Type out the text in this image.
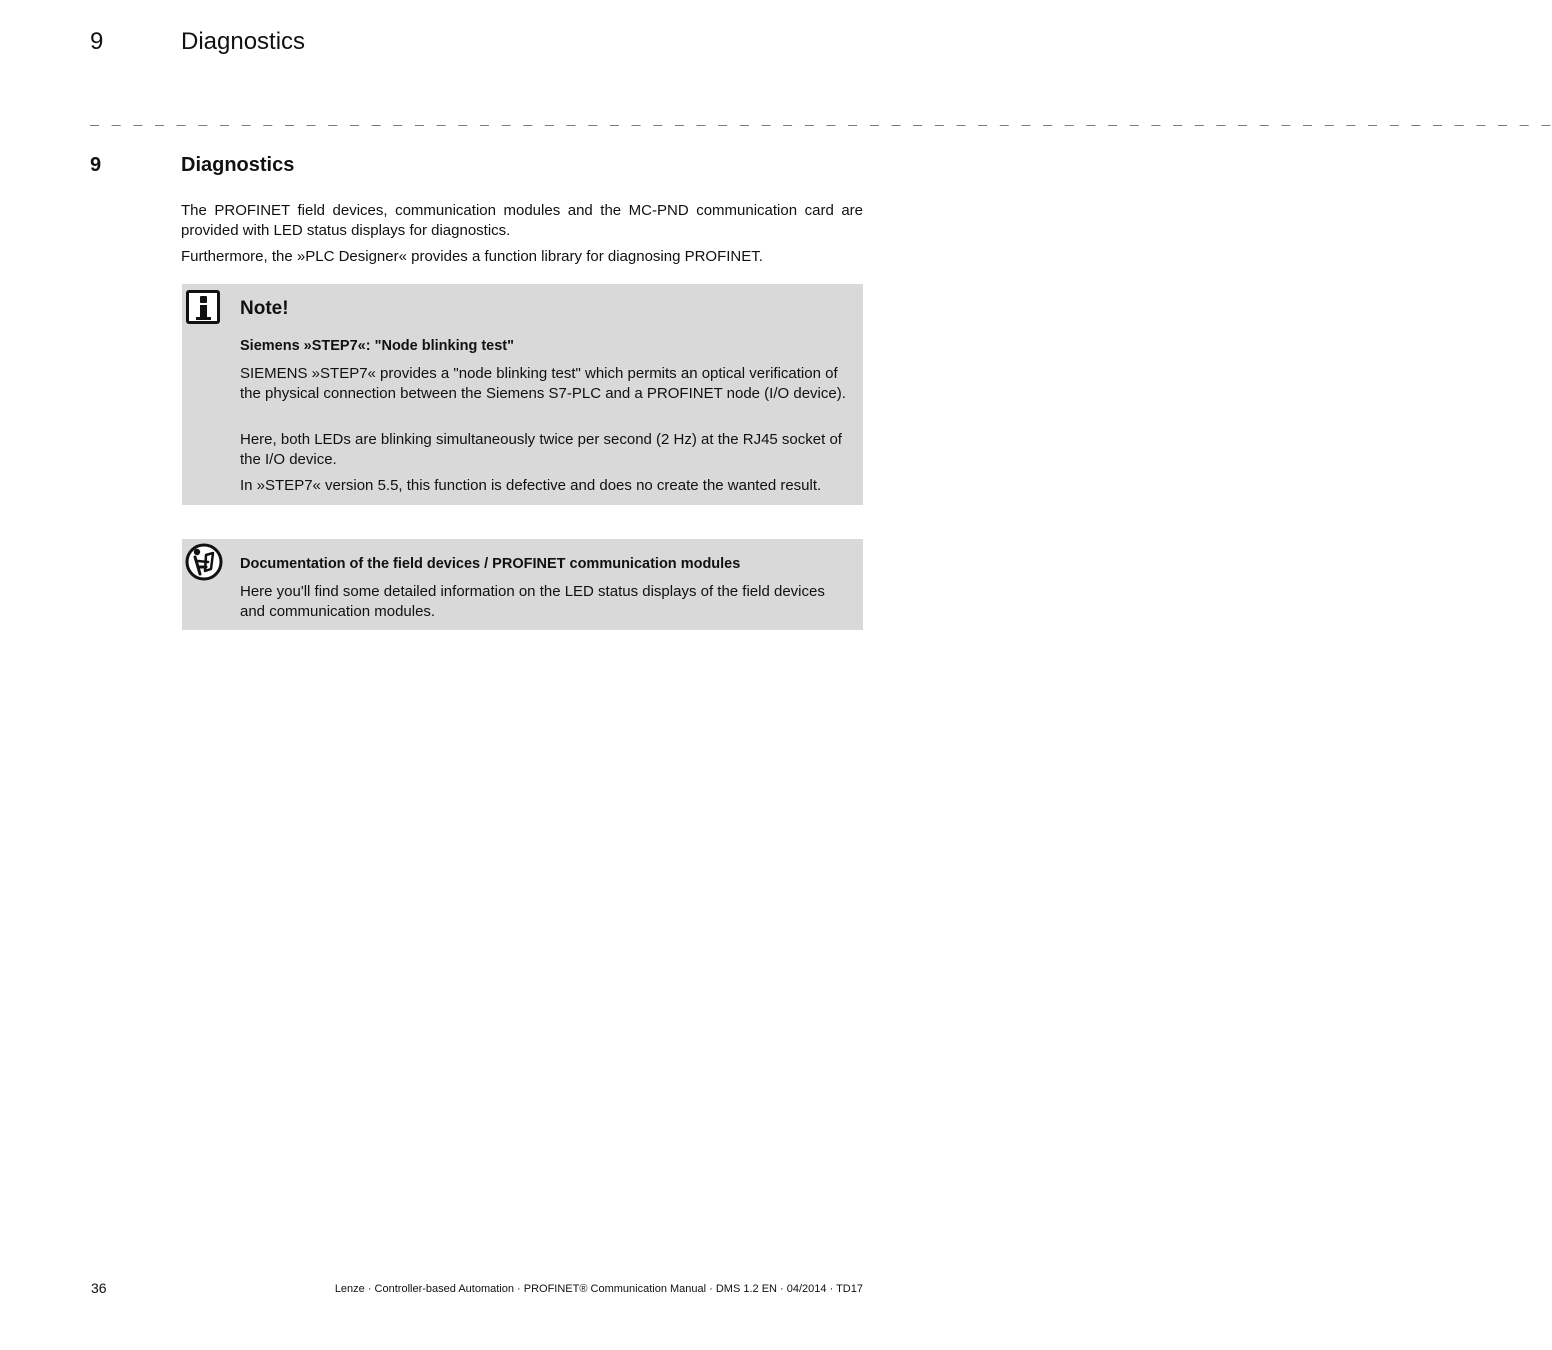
9	Diagnostics
_ _ _ _ _ _ _ _ _ _ _ _ _ _ _ _ _ _ _ _ _ _ _ _ _ _ _ _ _ _ _ _ _ _ _ _ _ _ _ _ _ _ _ _ _ _ _ _ _ _ _ _ _ _ _ _ _ _ _ _ _ _ _ _ _ _ _ _
9	Diagnostics

The PROFINET field devices, communication modules and the MC-PND communication card are provided with LED status displays for diagnostics.

Furthermore, the »PLC Designer« provides a function library for diagnosing PROFINET.

Note!
Siemens »STEP7«: "Node blinking test"

SIEMENS »STEP7« provides a "node blinking test" which permits an optical verification of the physical connection between the Siemens S7-PLC and a PROFINET node (I/O device).

Here, both LEDs are blinking simultaneously twice per second (2 Hz) at the RJ45 socket of the I/O device.

In »STEP7« version 5.5, this function is defective and does no create the wanted result.

Documentation of the field devices / PROFINET communication modules

Here you'll find some detailed information on the LED status displays of the field devices and communication modules.

36	Lenze · Controller-based Automation · PROFINET® Communication Manual · DMS 1.2 EN · 04/2014 · TD17
